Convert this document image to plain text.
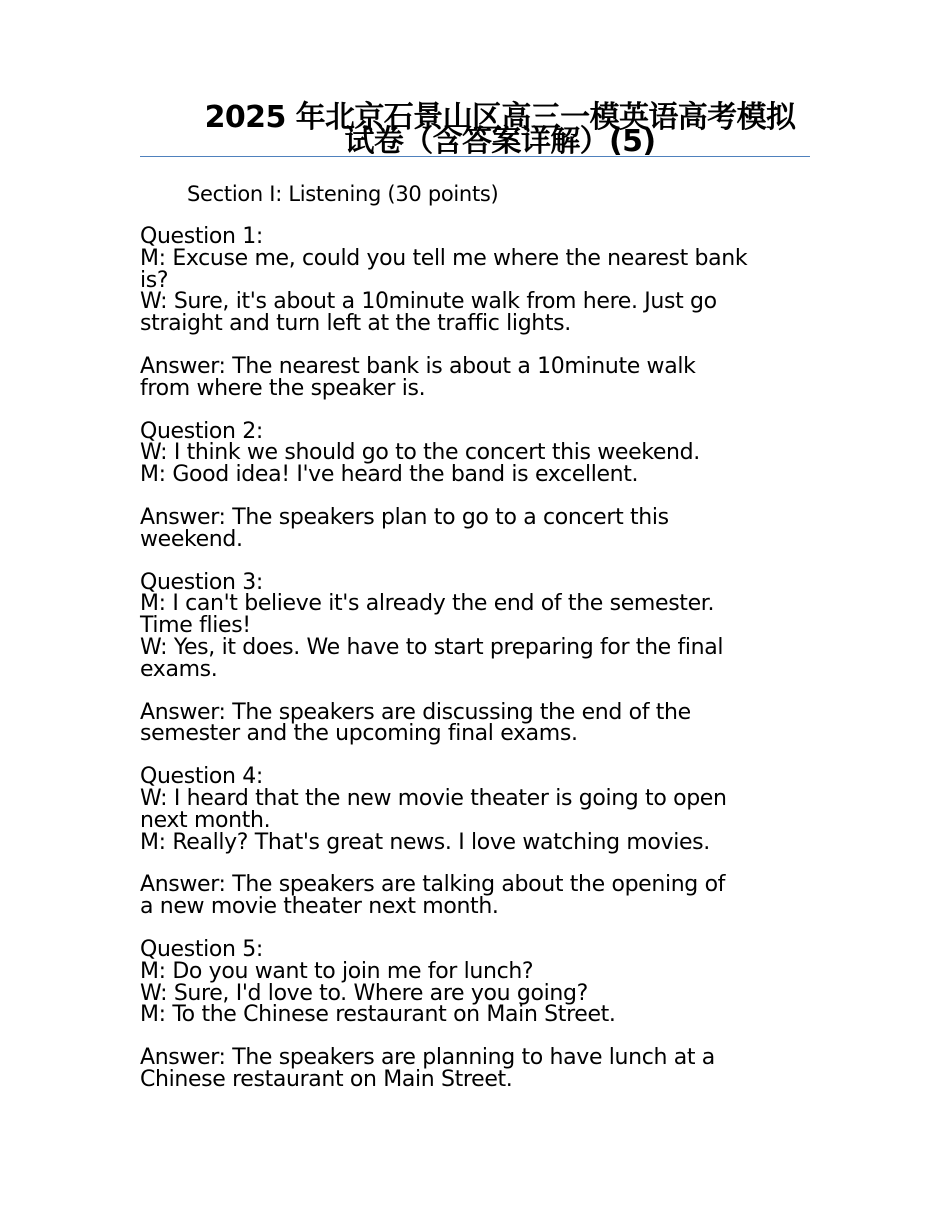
2025 年北京石景山区高三一模英语高考模拟试卷（含答案详解）(5)
Section I: Listening (30 points)
Question 1:
M: Excuse me, could you tell me where the nearest bank
is?
W: Sure, it's about a 10minute walk from here. Just go
straight and turn left at the traffic lights.
Answer: The nearest bank is about a 10minute walk
from where the speaker is.
Question 2:
W: I think we should go to the concert this weekend.
M: Good idea! I've heard the band is excellent.
Answer: The speakers plan to go to a concert this
weekend.
Question 3:
M: I can't believe it's already the end of the semester.
Time flies!
W: Yes, it does. We have to start preparing for the final
exams.
Answer: The speakers are discussing the end of the
semester and the upcoming final exams.
Question 4:
W: I heard that the new movie theater is going to open
next month.
M: Really? That's great news. I love watching movies.
Answer: The speakers are talking about the opening of
a new movie theater next month.
Question 5:
M: Do you want to join me for lunch?
W: Sure, I'd love to. Where are you going?
M: To the Chinese restaurant on Main Street.
Answer: The speakers are planning to have lunch at a
Chinese restaurant on Main Street.
